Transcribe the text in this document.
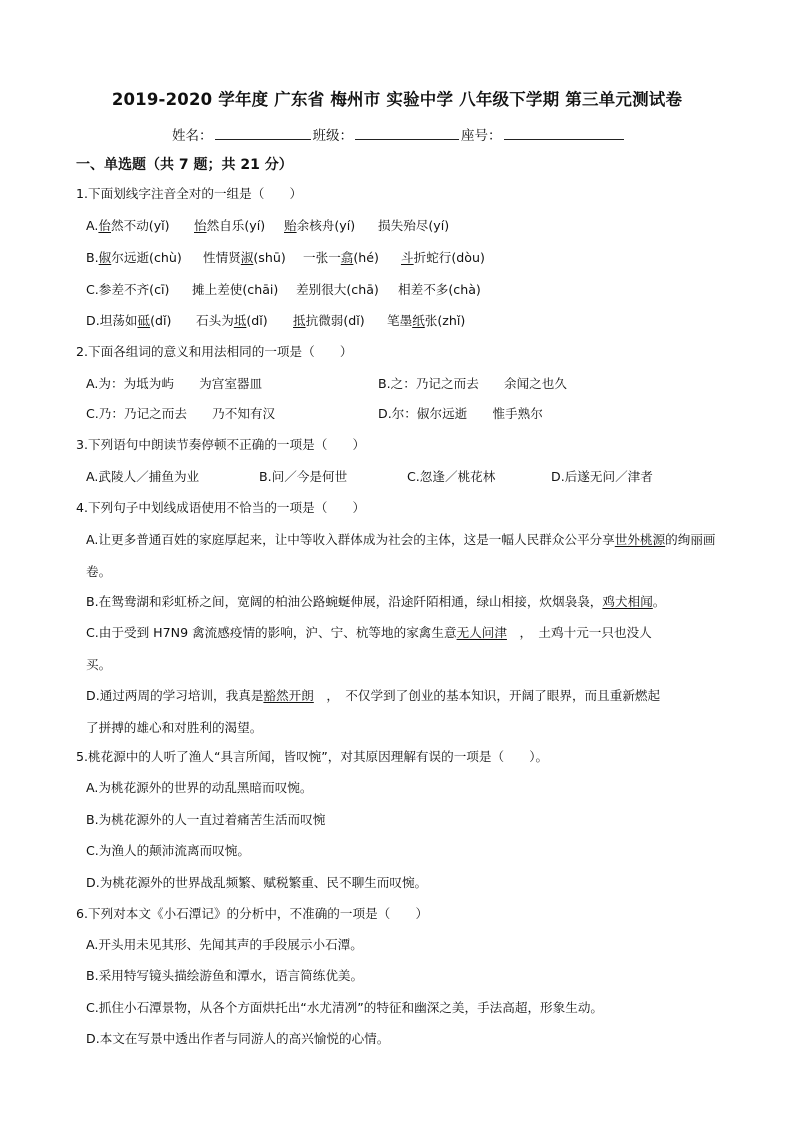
2019-2020 学年度 广东省 梅州市 实验中学 八年级下学期 第三单元测试卷
姓名：	班级：	座号：
一、单选题（共 7 题；共 21 分）
1.下面划线字注音全对的一组是（　　）
A.佁然不动(yǐ) 怡然自乐(yí) 贻余核舟(yí) 损失殆尽(yí)
B.俶尔远逝(chù) 性情贤淑(shū) 一张一翕(hé) 斗折蛇行(dòu)
C.参差不齐(cī) 摊上差使(chāi) 差别很大(chā) 相差不多(chà)
D.坦荡如砥(dǐ) 石头为坻(dǐ) 抵抗微弱(dǐ) 笔墨纸张(zhǐ)
2.下面各组词的意义和用法相同的一项是（　　）
A.为：为坻为屿　　为宫室器皿	B.之：乃记之而去　　余闻之也久
C.乃：乃记之而去　　乃不知有汉	D.尔：俶尔远逝　　惟手熟尔
3.下列语句中朗读节奏停顿不正确的一项是（　　）
A.武陵人／捕鱼为业	B.问／今是何世	C.忽逢／桃花林	D.后遂无问／津者
4.下列句子中划线成语使用不恰当的一项是（　　）
A.让更多普通百姓的家庭厚起来，让中等收入群体成为社会的主体，这是一幅人民群众公平分享世外桃源的绚丽画卷。
B.在鸳鸯湖和彩虹桥之间，宽阔的柏油公路蜿蜒伸展，沿途阡陌相通，绿山相接，炊烟袅袅，鸡犬相闻。
C.由于受到 H7N9 禽流感疫情的影响，沪、宁、杭等地的家禽生意无人问津　，　土鸡十元一只也没人
买。
D.通过两周的学习培训，我真是豁然开朗　，　不仅学到了创业的基本知识，开阔了眼界，而且重新燃起
了拼搏的雄心和对胜利的渴望。
5.桃花源中的人听了渔人“具言所闻，皆叹惋”，对其原因理解有误的一项是（　　）。
A.为桃花源外的世界的动乱黑暗而叹惋。
B.为桃花源外的人一直过着痛苦生活而叹惋
C.为渔人的颠沛流离而叹惋。
D.为桃花源外的世界战乱频繁、赋税繁重、民不聊生而叹惋。
6.下列对本文《小石潭记》的分析中，不准确的一项是（　　）
A.开头用未见其形、先闻其声的手段展示小石潭。
B.采用特写镜头描绘游鱼和潭水，语言简练优美。
C.抓住小石潭景物，从各个方面烘托出“水尤清冽”的特征和幽深之美，手法高超，形象生动。
D.本文在写景中透出作者与同游人的高兴愉悦的心情。
